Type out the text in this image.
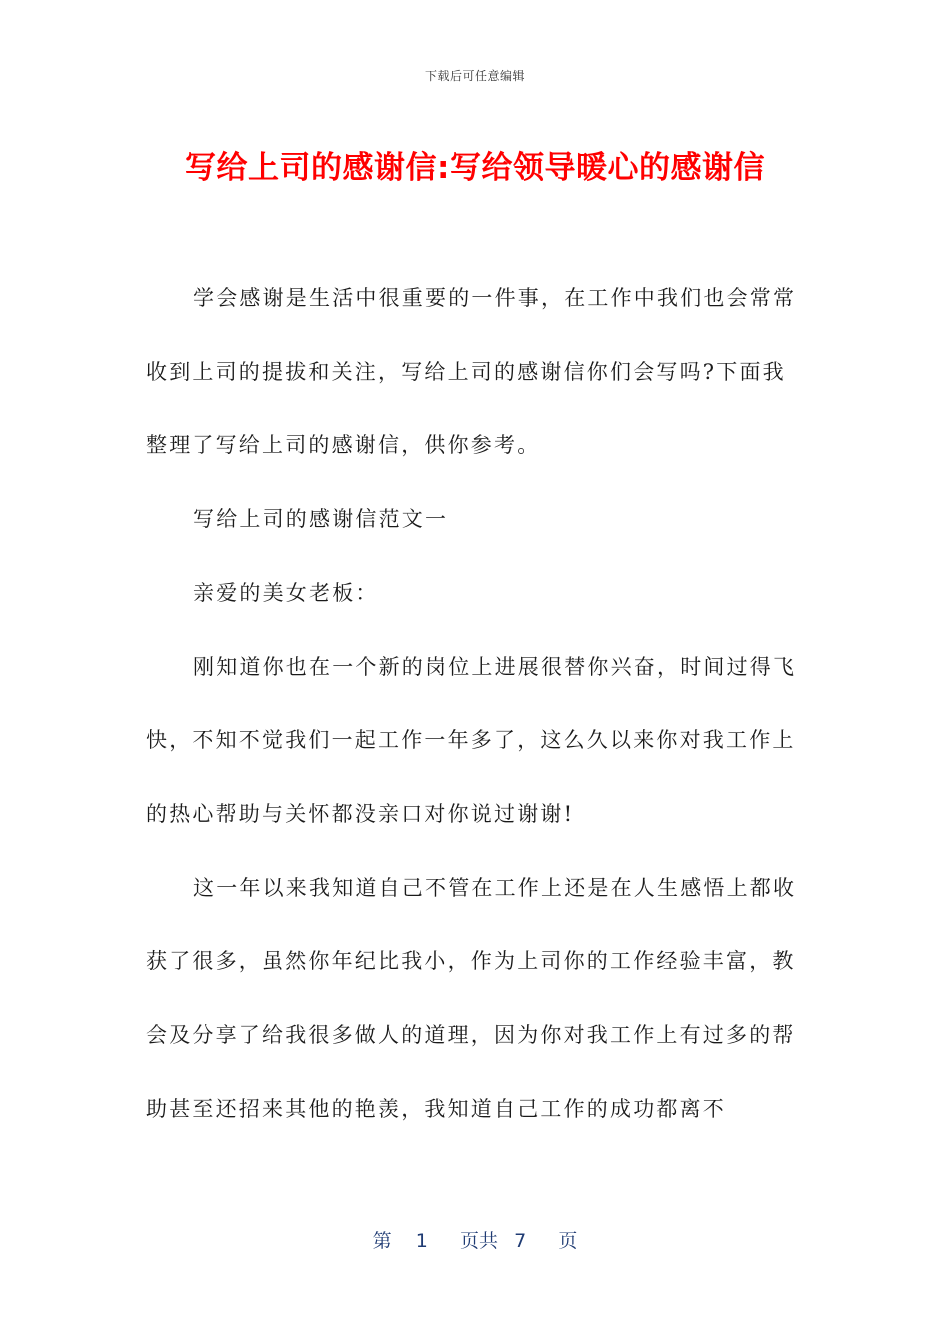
下载后可任意编辑
写给上司的感谢信:写给领导暖心的感谢信

学会感谢是生活中很重要的一件事，在工作中我们也会常常收到上司的提拔和关注，写给上司的感谢信你们会写吗?下面我整理了写给上司的感谢信，供你参考。

写给上司的感谢信范文一

亲爱的美女老板：

刚知道你也在一个新的岗位上进展很替你兴奋，时间过得飞快，不知不觉我们一起工作一年多了，这么久以来你对我工作上的热心帮助与关怀都没亲口对你说过谢谢!

这一年以来我知道自己不管在工作上还是在人生感悟上都收获了很多，虽然你年纪比我小，作为上司你的工作经验丰富，教会及分享了给我很多做人的道理，因为你对我工作上有过多的帮助甚至还招来其他的艳羡，我知道自己工作的成功都离不

第 1 页共 7 页
